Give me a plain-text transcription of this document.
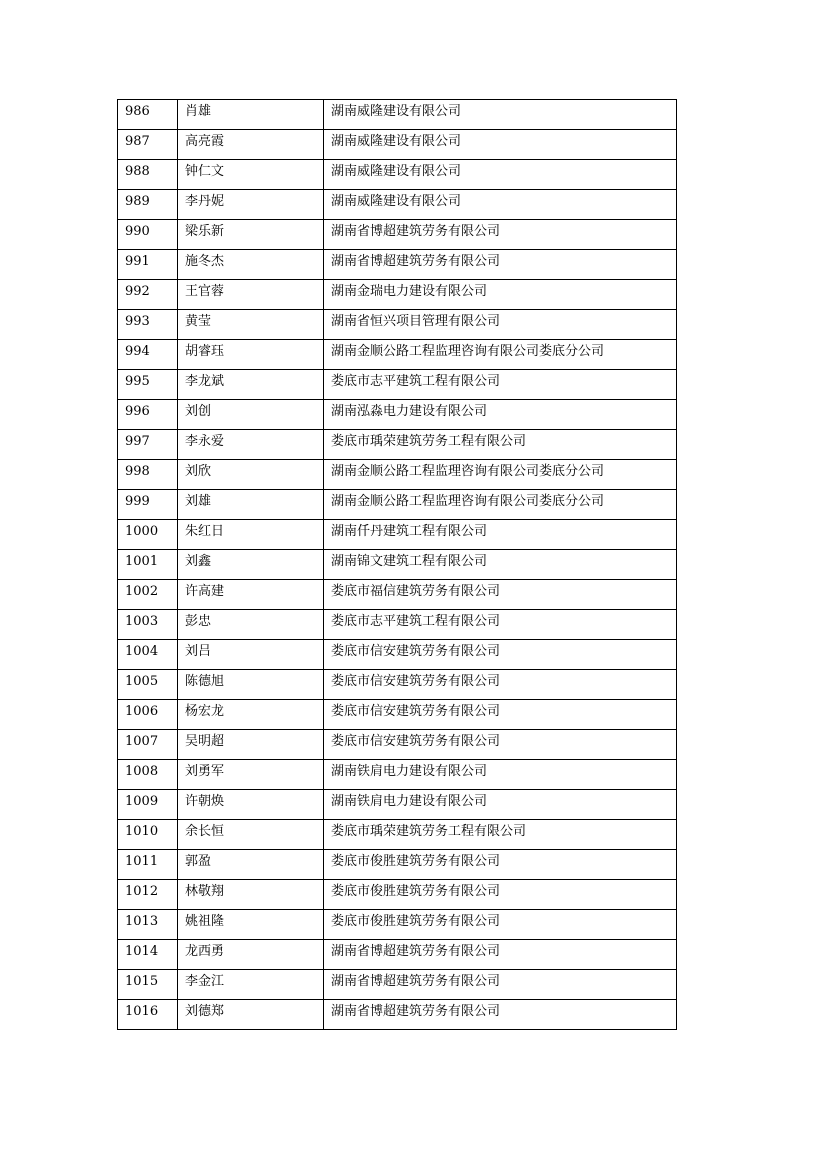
986	肖雄	湖南威隆建设有限公司
987	高亮霞	湖南威隆建设有限公司
988	钟仁文	湖南威隆建设有限公司
989	李丹妮	湖南威隆建设有限公司
990	梁乐新	湖南省博超建筑劳务有限公司
991	施冬杰	湖南省博超建筑劳务有限公司
992	王官蓉	湖南金瑞电力建设有限公司
993	黄莹	湖南省恒兴项目管理有限公司
994	胡睿珏	湖南金顺公路工程监理咨询有限公司娄底分公司
995	李龙斌	娄底市志平建筑工程有限公司
996	刘创	湖南泓淼电力建设有限公司
997	李永爱	娄底市瑀荣建筑劳务工程有限公司
998	刘欣	湖南金顺公路工程监理咨询有限公司娄底分公司
999	刘雄	湖南金顺公路工程监理咨询有限公司娄底分公司
1000	朱红日	湖南仟丹建筑工程有限公司
1001	刘鑫	湖南锦文建筑工程有限公司
1002	许高建	娄底市福信建筑劳务有限公司
1003	彭忠	娄底市志平建筑工程有限公司
1004	刘吕	娄底市信安建筑劳务有限公司
1005	陈德旭	娄底市信安建筑劳务有限公司
1006	杨宏龙	娄底市信安建筑劳务有限公司
1007	吴明超	娄底市信安建筑劳务有限公司
1008	刘勇军	湖南铁肩电力建设有限公司
1009	许朝焕	湖南铁肩电力建设有限公司
1010	余长恒	娄底市瑀荣建筑劳务工程有限公司
1011	郭盈	娄底市俊胜建筑劳务有限公司
1012	林敬翔	娄底市俊胜建筑劳务有限公司
1013	姚祖隆	娄底市俊胜建筑劳务有限公司
1014	龙西勇	湖南省博超建筑劳务有限公司
1015	李金江	湖南省博超建筑劳务有限公司
1016	刘德郑	湖南省博超建筑劳务有限公司
